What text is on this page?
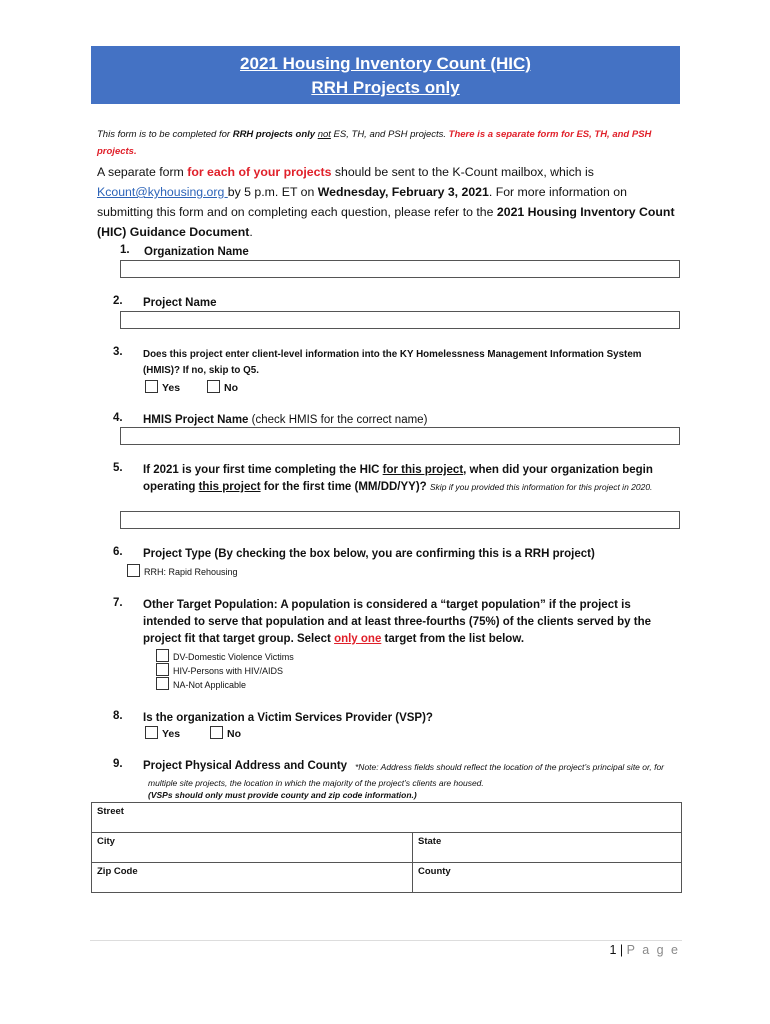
2021 Housing Inventory Count (HIC)
RRH Projects only
This form is to be completed for RRH projects only not ES, TH, and PSH projects. There is a separate form for ES, TH, and PSH projects.
A separate form for each of your projects should be sent to the K-Count mailbox, which is Kcount@kyhousing.org by 5 p.m. ET on Wednesday, February 3, 2021. For more information on submitting this form and on completing each question, please refer to the 2021 Housing Inventory Count (HIC) Guidance Document.
1. Organization Name
2. Project Name
3. Does this project enter client-level information into the KY Homelessness Management Information System (HMIS)? If no, skip to Q5.
Yes	No
4. HMIS Project Name (check HMIS for the correct name)
5. If 2021 is your first time completing the HIC for this project, when did your organization begin operating this project for the first time (MM/DD/YY)? Skip if you provided this information for this project in 2020.
6. Project Type (By checking the box below, you are confirming this is a RRH project)
RRH: Rapid Rehousing
7. Other Target Population: A population is considered a “target population” if the project is intended to serve that population and at least three-fourths (75%) of the clients served by the project fit that target group. Select only one target from the list below.
DV-Domestic Violence Victims
HIV-Persons with HIV/AIDS
NA-Not Applicable
8. Is the organization a Victim Services Provider (VSP)?
Yes	No
9. Project Physical Address and County *Note: Address fields should reflect the location of the project’s principal site or, for multiple site projects, the location in which the majority of the project’s clients are housed.
(VSPs should only must provide county and zip code information.)
Street	
City	State
Zip Code	County
1 | P a g e
